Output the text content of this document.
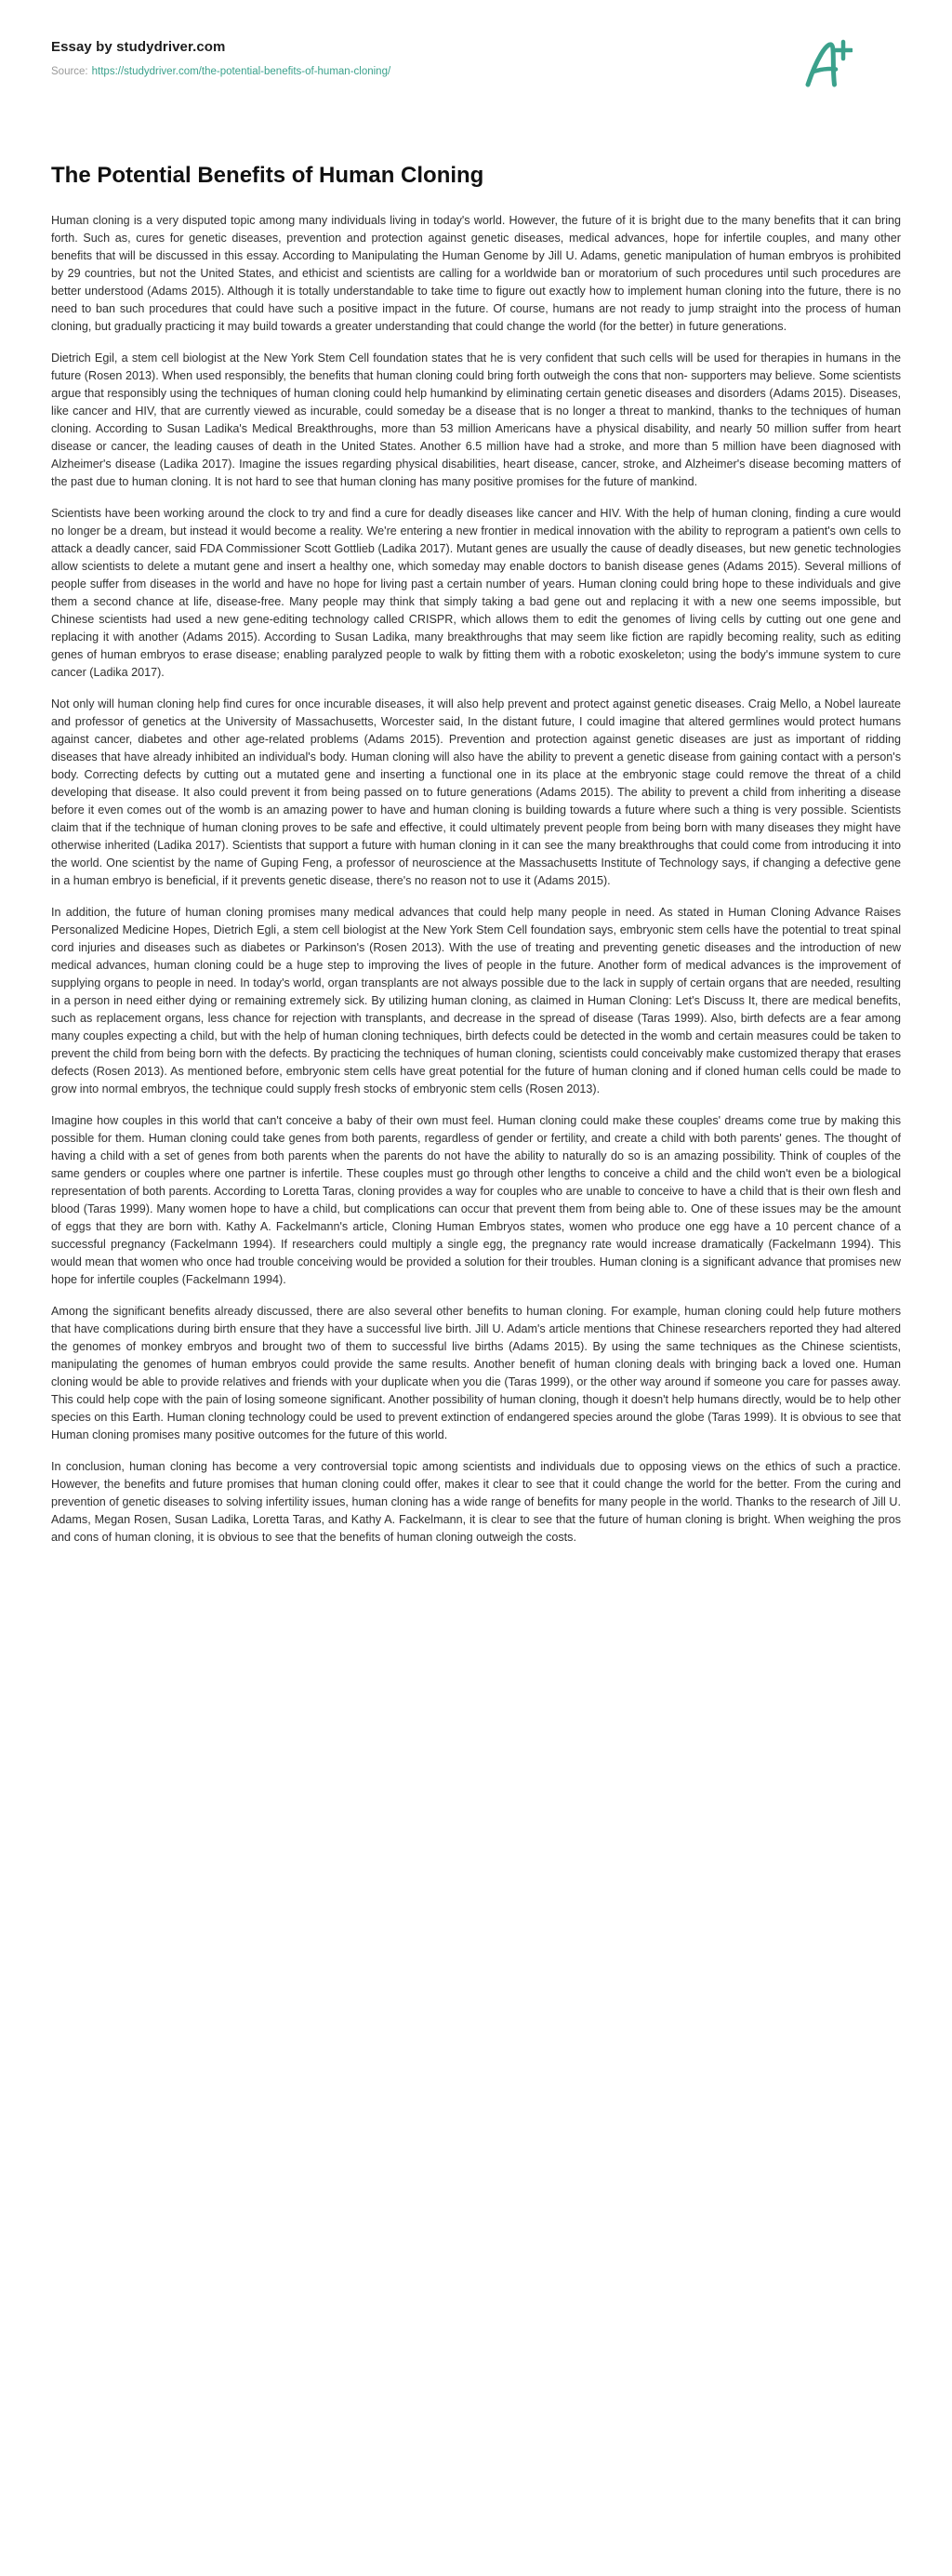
Essay by studydriver.com
Source: https://studydriver.com/the-potential-benefits-of-human-cloning/
The Potential Benefits of Human Cloning

Human cloning is a very disputed topic among many individuals living in today's world. However, the future of it is bright due to the many benefits that it can bring forth. Such as, cures for genetic diseases, prevention and protection against genetic diseases, medical advances, hope for infertile couples, and many other benefits that will be discussed in this essay. According to Manipulating the Human Genome by Jill U. Adams, genetic manipulation of human embryos is prohibited by 29 countries, but not the United States, and ethicist and scientists are calling for a worldwide ban or moratorium of such procedures until such procedures are better understood (Adams 2015). Although it is totally understandable to take time to figure out exactly how to implement human cloning into the future, there is no need to ban such procedures that could have such a positive impact in the future. Of course, humans are not ready to jump straight into the process of human cloning, but gradually practicing it may build towards a greater understanding that could change the world (for the better) in future generations.

Dietrich Egil, a stem cell biologist at the New York Stem Cell foundation states that he is very confident that such cells will be used for therapies in humans in the future (Rosen 2013). When used responsibly, the benefits that human cloning could bring forth outweigh the cons that non- supporters may believe. Some scientists argue that responsibly using the techniques of human cloning could help humankind by eliminating certain genetic diseases and disorders (Adams 2015). Diseases, like cancer and HIV, that are currently viewed as incurable, could someday be a disease that is no longer a threat to mankind, thanks to the techniques of human cloning. According to Susan Ladika's Medical Breakthroughs, more than 53 million Americans have a physical disability, and nearly 50 million suffer from heart disease or cancer, the leading causes of death in the United States. Another 6.5 million have had a stroke, and more than 5 million have been diagnosed with Alzheimer's disease (Ladika 2017). Imagine the issues regarding physical disabilities, heart disease, cancer, stroke, and Alzheimer's disease becoming matters of the past due to human cloning. It is not hard to see that human cloning has many positive promises for the future of mankind.

Scientists have been working around the clock to try and find a cure for deadly diseases like cancer and HIV. With the help of human cloning, finding a cure would no longer be a dream, but instead it would become a reality. We're entering a new frontier in medical innovation with the ability to reprogram a patient's own cells to attack a deadly cancer, said FDA Commissioner Scott Gottlieb (Ladika 2017). Mutant genes are usually the cause of deadly diseases, but new genetic technologies allow scientists to delete a mutant gene and insert a healthy one, which someday may enable doctors to banish disease genes (Adams 2015). Several millions of people suffer from diseases in the world and have no hope for living past a certain number of years. Human cloning could bring hope to these individuals and give them a second chance at life, disease-free. Many people may think that simply taking a bad gene out and replacing it with a new one seems impossible, but Chinese scientists had used a new gene-editing technology called CRISPR, which allows them to edit the genomes of living cells by cutting out one gene and replacing it with another (Adams 2015). According to Susan Ladika, many breakthroughs that may seem like fiction are rapidly becoming reality, such as editing genes of human embryos to erase disease; enabling paralyzed people to walk by fitting them with a robotic exoskeleton; using the body's immune system to cure cancer (Ladika 2017).

Not only will human cloning help find cures for once incurable diseases, it will also help prevent and protect against genetic diseases. Craig Mello, a Nobel laureate and professor of genetics at the University of Massachusetts, Worcester said, In the distant future, I could imagine that altered germlines would protect humans against cancer, diabetes and other age-related problems (Adams 2015). Prevention and protection against genetic diseases are just as important of ridding diseases that have already inhibited an individual's body. Human cloning will also have the ability to prevent a genetic disease from gaining contact with a person's body. Correcting defects by cutting out a mutated gene and inserting a functional one in its place at the embryonic stage could remove the threat of a child developing that disease. It also could prevent it from being passed on to future generations (Adams 2015). The ability to prevent a child from inheriting a disease before it even comes out of the womb is an amazing power to have and human cloning is building towards a future where such a thing is very possible. Scientists claim that if the technique of human cloning proves to be safe and effective, it could ultimately prevent people from being born with many diseases they might have otherwise inherited (Ladika 2017). Scientists that support a future with human cloning in it can see the many breakthroughs that could come from introducing it into the world. One scientist by the name of Guping Feng, a professor of neuroscience at the Massachusetts Institute of Technology says, if changing a defective gene in a human embryo is beneficial, if it prevents genetic disease, there's no reason not to use it (Adams 2015).

In addition, the future of human cloning promises many medical advances that could help many people in need. As stated in Human Cloning Advance Raises Personalized Medicine Hopes, Dietrich Egli, a stem cell biologist at the New York Stem Cell foundation says, embryonic stem cells have the potential to treat spinal cord injuries and diseases such as diabetes or Parkinson's (Rosen 2013). With the use of treating and preventing genetic diseases and the introduction of new medical advances, human cloning could be a huge step to improving the lives of people in the future. Another form of medical advances is the improvement of supplying organs to people in need. In today's world, organ transplants are not always possible due to the lack in supply of certain organs that are needed, resulting in a person in need either dying or remaining extremely sick. By utilizing human cloning, as claimed in Human Cloning: Let's Discuss It, there are medical benefits, such as replacement organs, less chance for rejection with transplants, and decrease in the spread of disease (Taras 1999). Also, birth defects are a fear among many couples expecting a child, but with the help of human cloning techniques, birth defects could be detected in the womb and certain measures could be taken to prevent the child from being born with the defects. By practicing the techniques of human cloning, scientists could conceivably make customized therapy that erases defects (Rosen 2013). As mentioned before, embryonic stem cells have great potential for the future of human cloning and if cloned human cells could be made to grow into normal embryos, the technique could supply fresh stocks of embryonic stem cells (Rosen 2013).

Imagine how couples in this world that can't conceive a baby of their own must feel. Human cloning could make these couples' dreams come true by making this possible for them. Human cloning could take genes from both parents, regardless of gender or fertility, and create a child with both parents' genes. The thought of having a child with a set of genes from both parents when the parents do not have the ability to naturally do so is an amazing possibility. Think of couples of the same genders or couples where one partner is infertile. These couples must go through other lengths to conceive a child and the child won't even be a biological representation of both parents. According to Loretta Taras, cloning provides a way for couples who are unable to conceive to have a child that is their own flesh and blood (Taras 1999). Many women hope to have a child, but complications can occur that prevent them from being able to. One of these issues may be the amount of eggs that they are born with. Kathy A. Fackelmann's article, Cloning Human Embryos states, women who produce one egg have a 10 percent chance of a successful pregnancy (Fackelmann 1994). If researchers could multiply a single egg, the pregnancy rate would increase dramatically (Fackelmann 1994). This would mean that women who once had trouble conceiving would be provided a solution for their troubles. Human cloning is a significant advance that promises new hope for infertile couples (Fackelmann 1994).

Among the significant benefits already discussed, there are also several other benefits to human cloning. For example, human cloning could help future mothers that have complications during birth ensure that they have a successful live birth. Jill U. Adam's article mentions that Chinese researchers reported they had altered the genomes of monkey embryos and brought two of them to successful live births (Adams 2015). By using the same techniques as the Chinese scientists, manipulating the genomes of human embryos could provide the same results. Another benefit of human cloning deals with bringing back a loved one. Human cloning would be able to provide relatives and friends with your duplicate when you die (Taras 1999), or the other way around if someone you care for passes away. This could help cope with the pain of losing someone significant. Another possibility of human cloning, though it doesn't help humans directly, would be to help other species on this Earth. Human cloning technology could be used to prevent extinction of endangered species around the globe (Taras 1999). It is obvious to see that Human cloning promises many positive outcomes for the future of this world.

In conclusion, human cloning has become a very controversial topic among scientists and individuals due to opposing views on the ethics of such a practice. However, the benefits and future promises that human cloning could offer, makes it clear to see that it could change the world for the better. From the curing and prevention of genetic diseases to solving infertility issues, human cloning has a wide range of benefits for many people in the world. Thanks to the research of Jill U. Adams, Megan Rosen, Susan Ladika, Loretta Taras, and Kathy A. Fackelmann, it is clear to see that the future of human cloning is bright. When weighing the pros and cons of human cloning, it is obvious to see that the benefits of human cloning outweigh the costs.
